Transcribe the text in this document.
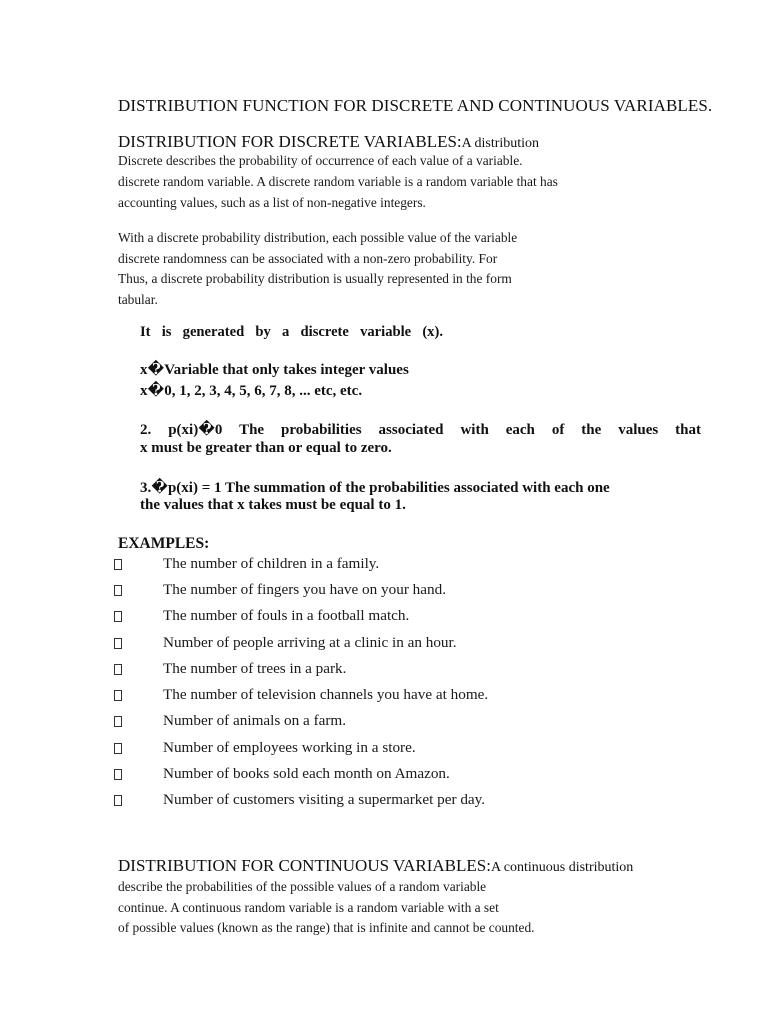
DISTRIBUTION FUNCTION FOR DISCRETE AND CONTINUOUS VARIABLES.
DISTRIBUTION FOR DISCRETE VARIABLES:A distribution
Discrete describes the probability of occurrence of each value of a variable.
discrete random variable. A discrete random variable is a random variable that has
accounting values, such as a list of non-negative integers.
With a discrete probability distribution, each possible value of the variable
discrete randomness can be associated with a non-zero probability. For
Thus, a discrete probability distribution is usually represented in the form
tabular.
It is generated by a discrete variable (x).
x�Variable that only takes integer values
x�0, 1, 2, 3, 4, 5, 6, 7, 8, ... etc, etc.
2. p(xi)�0 The probabilities associated with each of the values that
x must be greater than or equal to zero.
3.�p(xi) = 1 The summation of the probabilities associated with each one
the values that x takes must be equal to 1.
EXAMPLES:
The number of children in a family.
The number of fingers you have on your hand.
The number of fouls in a football match.
Number of people arriving at a clinic in an hour.
The number of trees in a park.
The number of television channels you have at home.
Number of animals on a farm.
Number of employees working in a store.
Number of books sold each month on Amazon.
Number of customers visiting a supermarket per day.
DISTRIBUTION FOR CONTINUOUS VARIABLES:A continuous distribution
describe the probabilities of the possible values of a random variable
continue. A continuous random variable is a random variable with a set
of possible values (known as the range) that is infinite and cannot be counted.
